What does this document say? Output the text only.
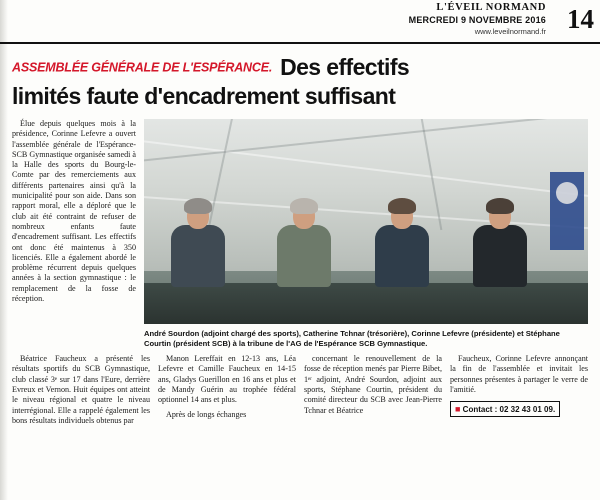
L'ÉVEIL NORMAND
MERCREDI 9 NOVEMBRE 2016
www.leveilnormand.fr 14
ASSEMBLÉE GÉNÉRALE DE L'ESPÉRANCE. Des effectifs
limités faute d'encadrement suffisant

Élue depuis quelques mois à la présidence, Corinne Lefevre a ouvert l'assemblée générale de l'Espérance-SCB Gymnastique organisée samedi à la Halle des sports du Bourg-le-Comte par des remerciements aux différents partenaires ainsi qu'à la municipalité pour son aide. Dans son rapport moral, elle a déploré que le club ait été contraint de refuser de nombreux enfants faute d'encadrement suffisant. Les effectifs ont donc été maintenus à 350 licenciés. Elle a également abordé le problème récurrent depuis quelques années à la section gymnastique : le remplacement de la fosse de réception.

André Sourdon (adjoint chargé des sports), Catherine Tchnar (trésorière), Corinne Lefevre (présidente) et Stéphane Courtin (président SCB) à la tribune de l'AG de l'Espérance SCB Gymnastique.

Béatrice Faucheux a présenté les résultats sportifs du SCB Gymnastique, club classé 3ᵉ sur 17 dans l'Eure, derrière Evreux et Vernon. Huit équipes ont atteint le niveau régional et quatre le niveau interrégional. Elle a rappelé également les bons résultats individuels obtenus par

Manon Lereffait en 12-13 ans, Léa Lefevre et Camille Faucheux en 14-15 ans, Gladys Guerillon en 16 ans et plus et de Mandy Guérin au trophée fédéral optionnel 14 ans et plus.

Après de longs échanges

concernant le renouvellement de la fosse de réception menés par Pierre Bibet, 1ᵉʳ adjoint, André Sourdon, adjoint aux sports, Stéphane Courtin, président du comité directeur du SCB avec Jean-Pierre Tchnar et Béatrice

Faucheux, Corinne Lefevre annonçant la fin de l'assemblée et invitait les personnes présentes à partager le verre de l'amitié.

■ Contact : 02 32 43 01 09.
